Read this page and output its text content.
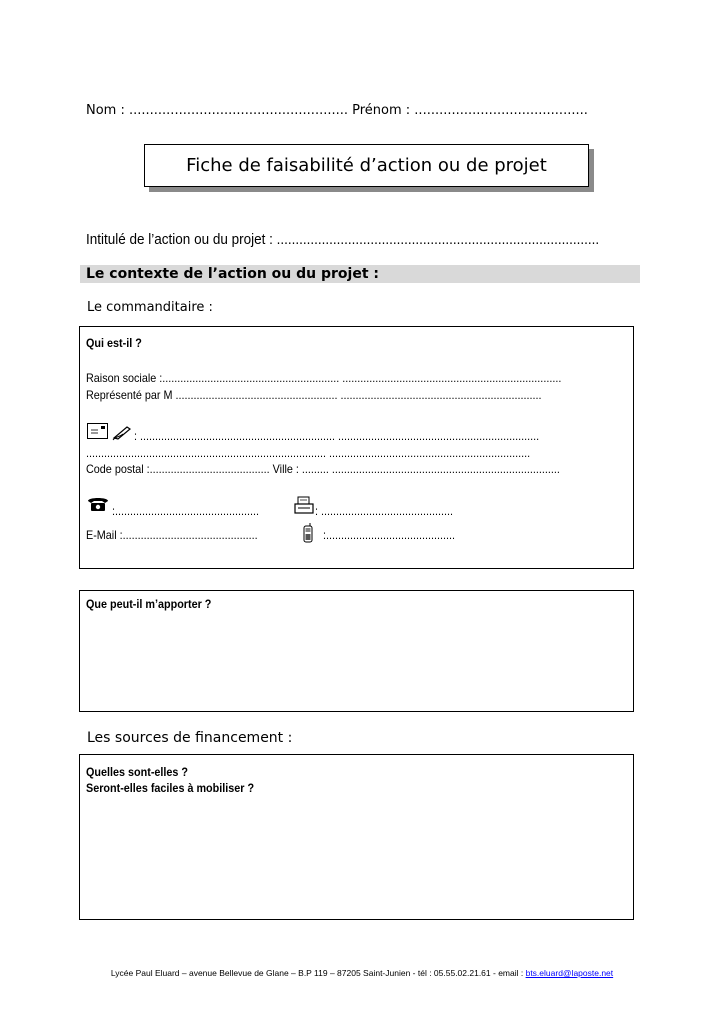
Nom : ..................................................... Prénom : ..........................................
Fiche de faisabilité d’action ou de projet
Intitulé de l’action ou du projet : ......................................................................................
Le contexte de l’action ou du projet :
Le commanditaire :
Qui est-il ?
Raison sociale :........................................................... .........................................................................
Représenté par M ...................................................... ...................................................................
: ................................................................. ...................................................................
................................................................................ ...................................................................
Code postal :........................................ Ville : ......... ............................................................................
:................................................	: ............................................
E-Mail :.............................................	:...........................................
Que peut-il m’apporter ?
Les sources de financement :
Quelles sont-elles ?
Seront-elles faciles à mobiliser ?
Lycée Paul Eluard – avenue Bellevue de Glane – B.P 119 – 87205 Saint-Junien - tél : 05.55.02.21.61 - email : bts.eluard@laposte.net
